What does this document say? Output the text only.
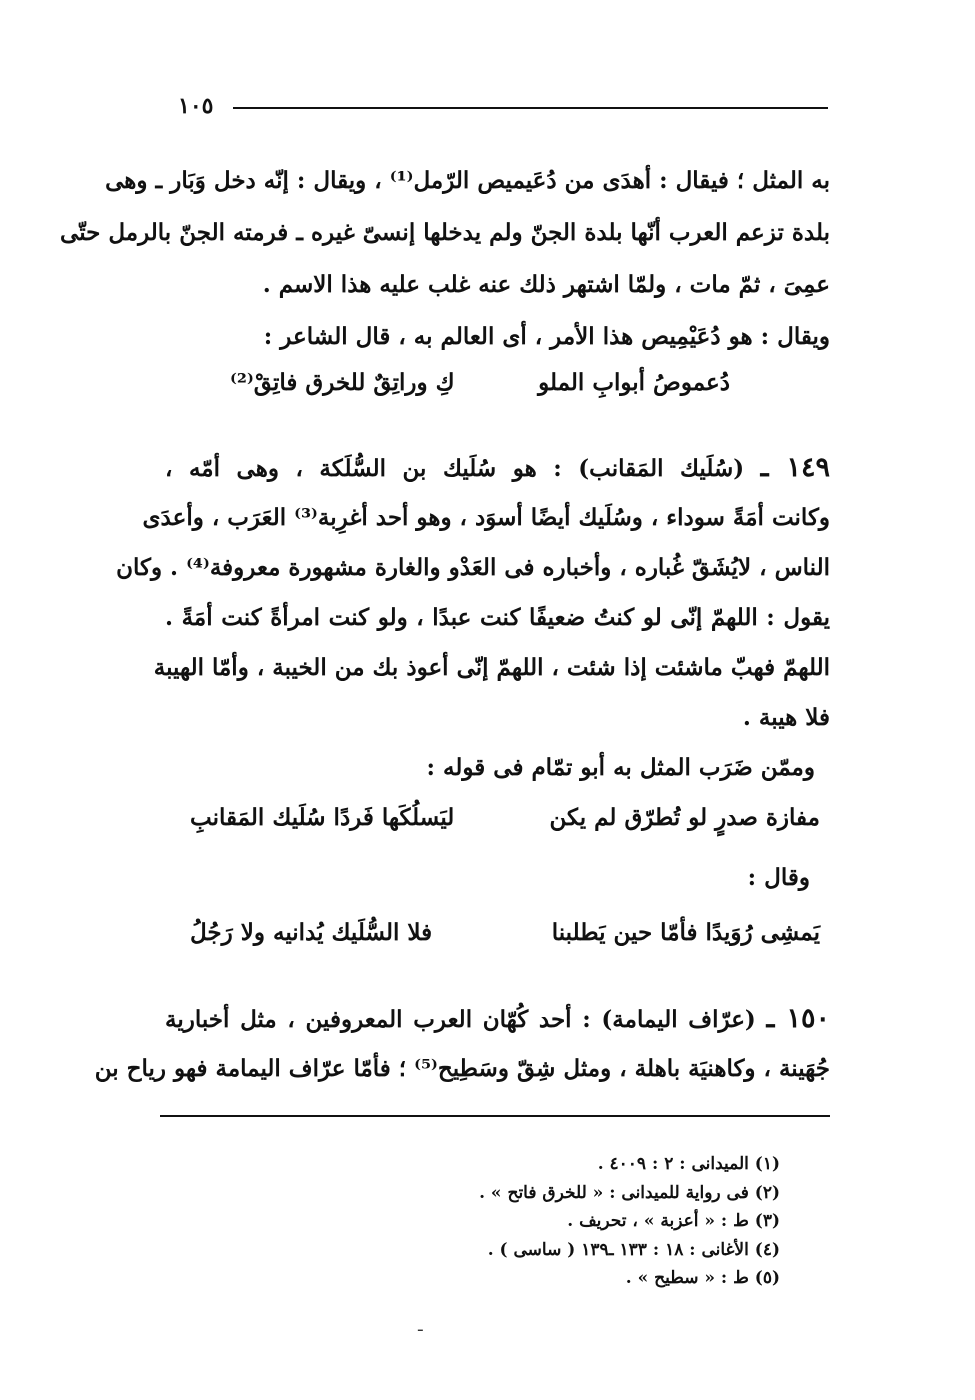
١٠٥
به المثل ؛ فيقال : أهدَى من دُعَيميص الرّمل⁽¹⁾ ، ويقال : إنّه دخل وَبَار ـ وهى
بلدة تزعم العرب أنّها بلدة الجنّ ولم يدخلها إنسىّ غيره ـ فرمته الجنّ بالرمل حتّى
عمِىَ ، ثمّ مات ، ولمّا اشتهر ذلك عنه غلب عليه هذا الاسم .
ويقال : هو دُعَيْمِيص هذا الأمر ، أى العالم به ، قال الشاعر :
دُعموصُ أبوابِ الملو
كِ وراتِقٌ للخرق فاتِقْ⁽²⁾
١٤٩ ـ (سُلَيك المَقانب) : هو سُلَيك بن السُّلَكة ، وهى أمّه ،
وكانت أمَةً سوداء ، وسُلَيك أيضًا أسوَد ، وهو أحد أغرِبة⁽³⁾ العَرَب ، وأعدَى
الناس ، لايُشَقّ غُباره ، وأخباره فى العَدْو والغارة مشهورة معروفة⁽⁴⁾ . وكان
يقول : اللهمّ إنّى لو كنتُ ضعيفًا كنت عبدًا ، ولو كنت امرأةً كنت أمَةً .
اللهمّ فهبّ ماشئت إذا شئت ، اللهمّ إنّى أعوذ بك من الخيبة ، وأمّا الهيبة
فلا هيبة .
وممّن ضَرَب المثل به أبو تمّام فى قوله :
مفازة صدرٍ لو تُطرّق لم يكن
ليَسلُكَها فَردًا سُلَيك المَقانبِ
وقال :
يَمشِى رُوَيدًا فأمّا حين يَطلبنا
فلا السُّلَيك يُدانيه ولا رَجُلُ
١٥٠ ـ (عرّاف اليمامة) : أحد كُهّان العرب المعروفين ، مثل أخبارية
جُهَينة ، وكاهنيَة باهلة ، ومثل شِقّ وسَطِيح⁽⁵⁾ ؛ فأمّا عرّاف اليمامة فهو رياح بن
(١) الميدانى : ٢ : ٤٠٠٩ .
(٢) فى رواية للميدانى : « للخرق فاتح » .
(٣) ط : « أعزبة » ، تحريف .
(٤) الأغانى : ١٨ : ١٣٣ ـ١٣٩ ( ساسى ) .
(٥) ط : « سطيح » .
ـ
